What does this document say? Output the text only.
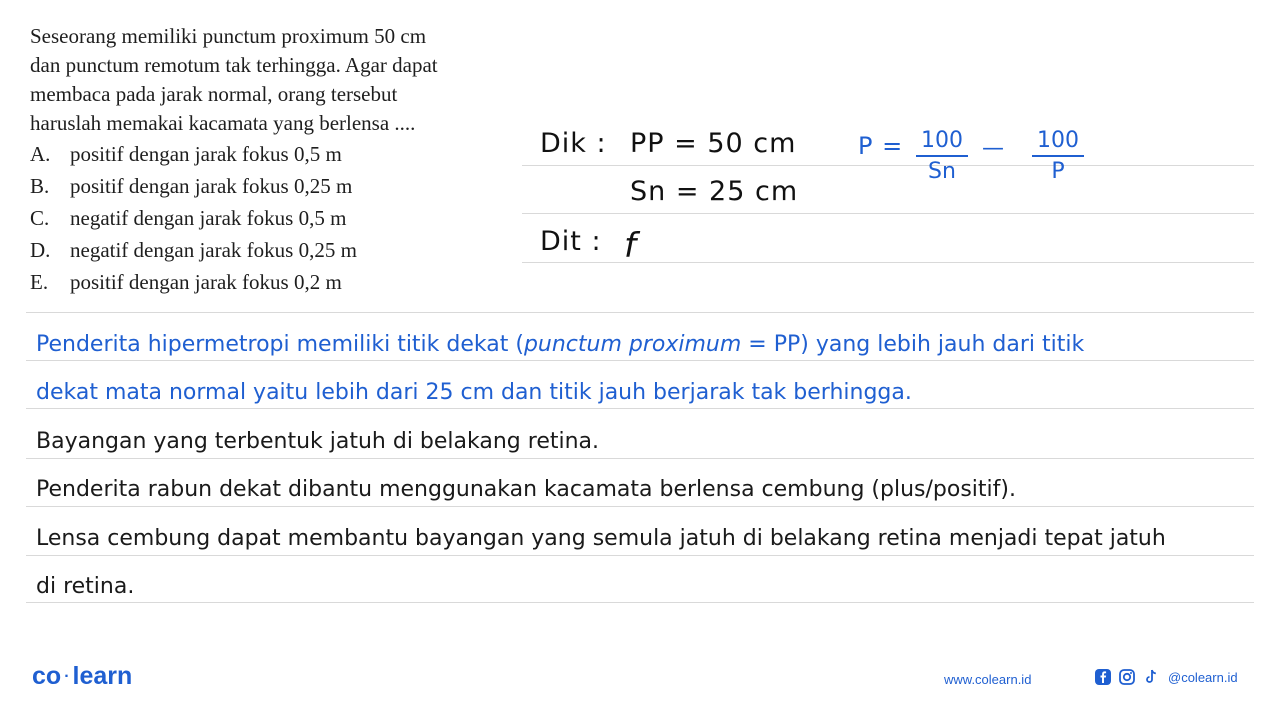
Seseorang memiliki punctum proximum 50 cm
dan punctum remotum tak terhingga. Agar dapat
membaca pada jarak normal, orang tersebut
haruslah memakai kacamata yang berlensa ....
A. positif dengan jarak fokus 0,5 m
B. positif dengan jarak fokus 0,25 m
C. negatif dengan jarak fokus 0,5 m
D. negatif dengan jarak fokus 0,25 m
E.	positif dengan jarak fokus 0,2 m
Dik : PP = 50 cm
Sn = 25 cm
Dit : f
P = 100
Sn
— 100
P
Penderita hipermetropi memiliki titik dekat (punctum proximum = PP) yang lebih jauh dari titik
dekat mata normal yaitu lebih dari 25 cm dan titik jauh berjarak tak berhingga.
Bayangan yang terbentuk jatuh di belakang retina.
Penderita rabun dekat dibantu menggunakan kacamata berlensa cembung (plus/positif).
Lensa cembung dapat membantu bayangan yang semula jatuh di belakang retina menjadi tepat jatuh
di retina.
co · learn	www.colearn.id	@colearn.id
